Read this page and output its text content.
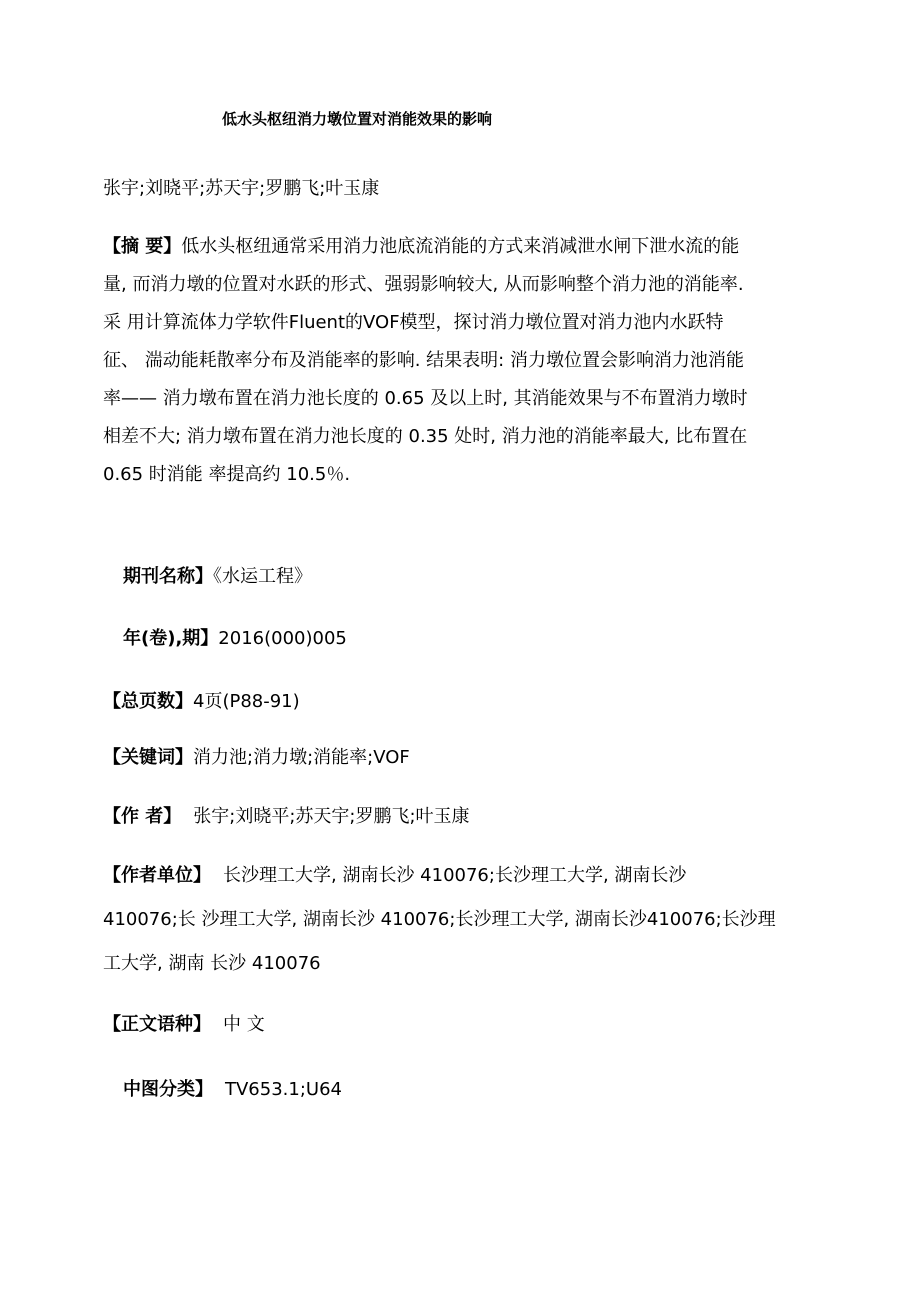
低水头枢纽消力墩位置对消能效果的影响
张宇;刘晓平;苏天宇;罗鹏飞;叶玉康
【摘 要】低水头枢纽通常采用消力池底流消能的方式来消减泄水闸下泄水流的能
量, 而消力墩的位置对水跃的形式、强弱影响较大, 从而影响整个消力池的消能率.
采 用计算流体力学软件Fluent的VOF模型，探讨消力墩位置对消力池内水跃特
征、 湍动能耗散率分布及消能率的影响. 结果表明: 消力墩位置会影响消力池消能
率—— 消力墩布置在消力池长度的 0.65 及以上时, 其消能效果与不布置消力墩时
相差不大; 消力墩布置在消力池长度的 0.35 处时, 消力池的消能率最大, 比布置在
0.65 时消能 率提高约 10.5％.
期刊名称】《水运工程》
年(卷),期】2016(000)005
【总页数】4页(P88-91)
【关键词】消力池;消力墩;消能率;VOF
【作 者】 张宇;刘晓平;苏天宇;罗鹏飞;叶玉康
【作者单位】 长沙理工大学, 湖南长沙 410076;长沙理工大学, 湖南长沙
410076;长 沙理工大学, 湖南长沙 410076;长沙理工大学, 湖南长沙410076;长沙理
工大学, 湖南 长沙 410076
【正文语种】 中 文
中图分类】 TV653.1;U64
